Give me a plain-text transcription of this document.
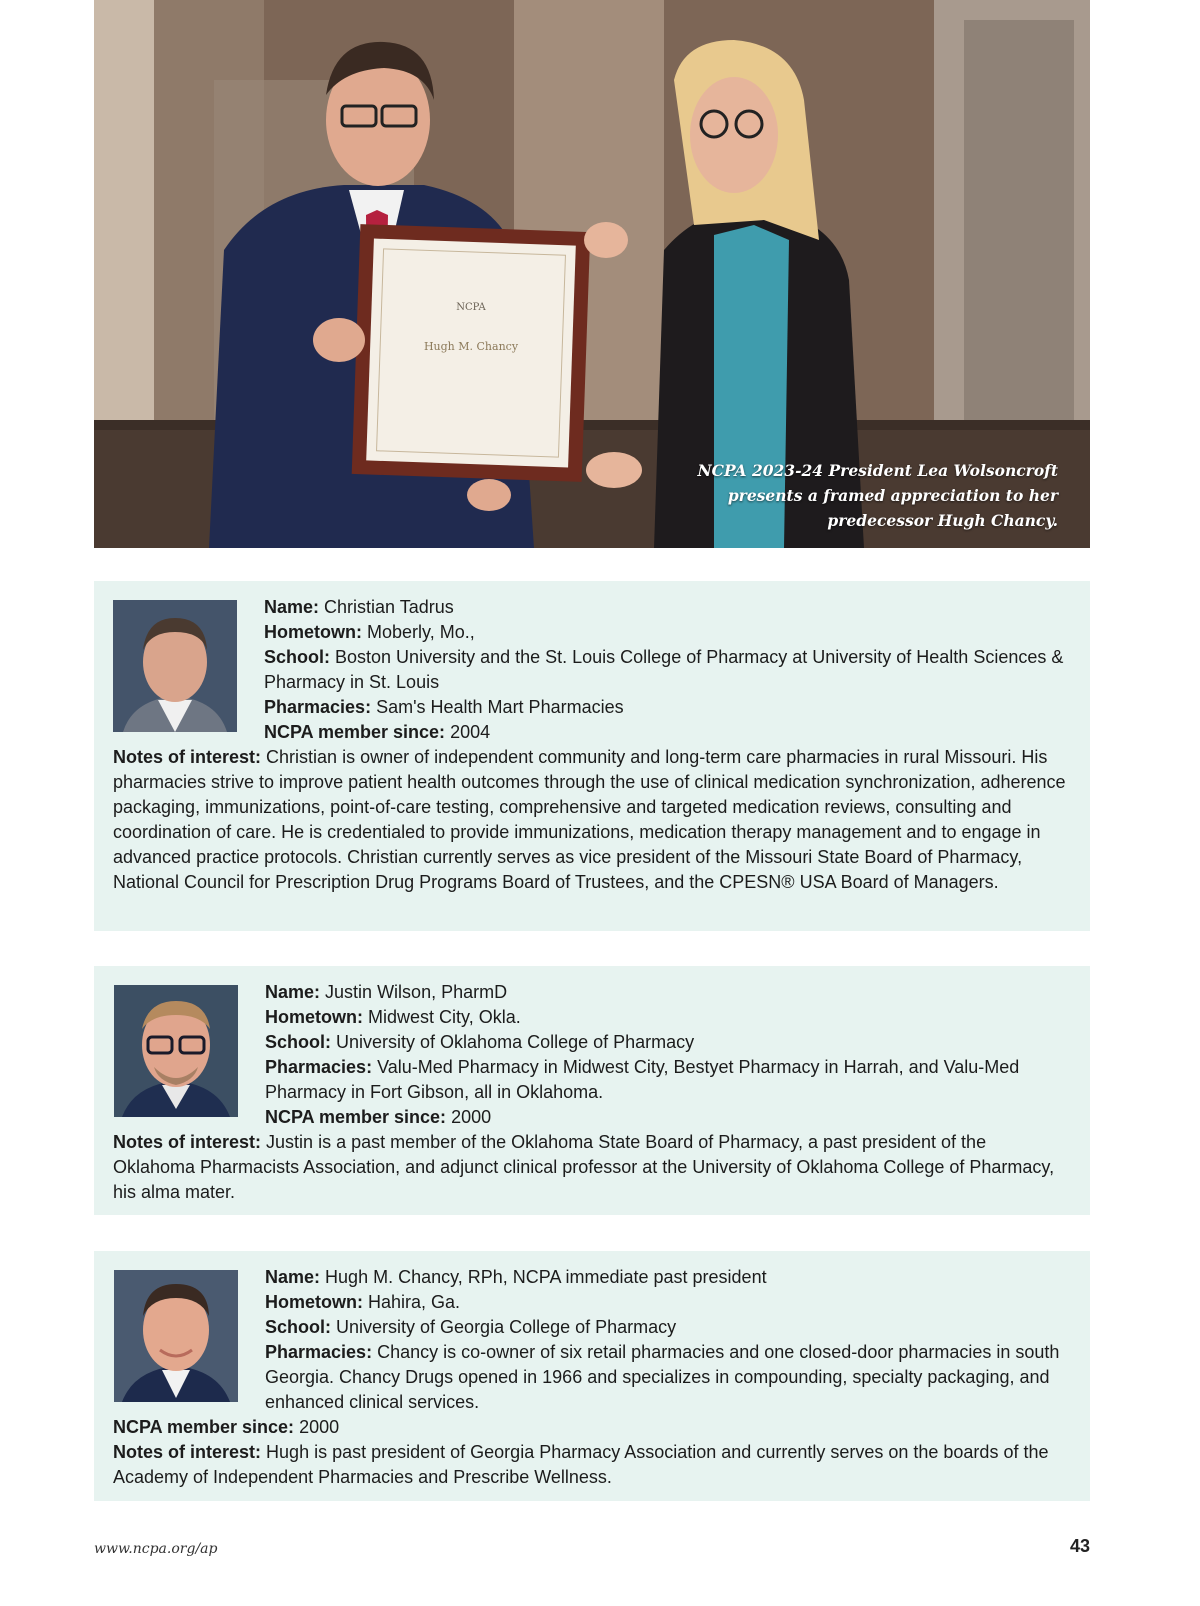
NCPA
Hugh M. Chancy
NCPA 2023-24 President Lea Wolsoncroft
presents a framed appreciation to her
predecessor Hugh Chancy.
Name: Christian Tadrus
Hometown: Moberly, Mo.,
School: Boston University and the St. Louis College of Pharmacy at University of Health Sciences & Pharmacy in St. Louis
Pharmacies: Sam's Health Mart Pharmacies
NCPA member since: 2004
Notes of interest: Christian is owner of independent community and long-term care pharmacies in rural Missouri. His pharmacies strive to improve patient health outcomes through the use of clinical medication synchronization, adherence packaging, immunizations, point-of-care testing, comprehensive and targeted medication reviews, consulting and coordination of care. He is credentialed to provide immunizations, medication therapy management and to engage in advanced practice protocols. Christian currently serves as vice president of the Missouri State Board of Pharmacy, National Council for Prescription Drug Programs Board of Trustees, and the CPESN® USA Board of Managers.
Name: Justin Wilson, PharmD
Hometown: Midwest City, Okla.
School: University of Oklahoma College of Pharmacy
Pharmacies: Valu-Med Pharmacy in Midwest City, Bestyet Pharmacy in Harrah, and Valu-Med Pharmacy in Fort Gibson, all in Oklahoma.
NCPA member since: 2000
Notes of interest: Justin is a past member of the Oklahoma State Board of Pharmacy, a past president of the Oklahoma Pharmacists Association, and adjunct clinical professor at the University of Oklahoma College of Pharmacy, his alma mater.
Name: Hugh M. Chancy, RPh, NCPA immediate past president
Hometown: Hahira, Ga.
School: University of Georgia College of Pharmacy
Pharmacies: Chancy is co-owner of six retail pharmacies and one closed-door pharmacies in south Georgia. Chancy Drugs opened in 1966 and specializes in compounding, specialty packaging, and enhanced clinical services.
NCPA member since: 2000
Notes of interest: Hugh is past president of Georgia Pharmacy Association and currently serves on the boards of the Academy of Independent Pharmacies and Prescribe Wellness.
www.ncpa.org/ap	43
